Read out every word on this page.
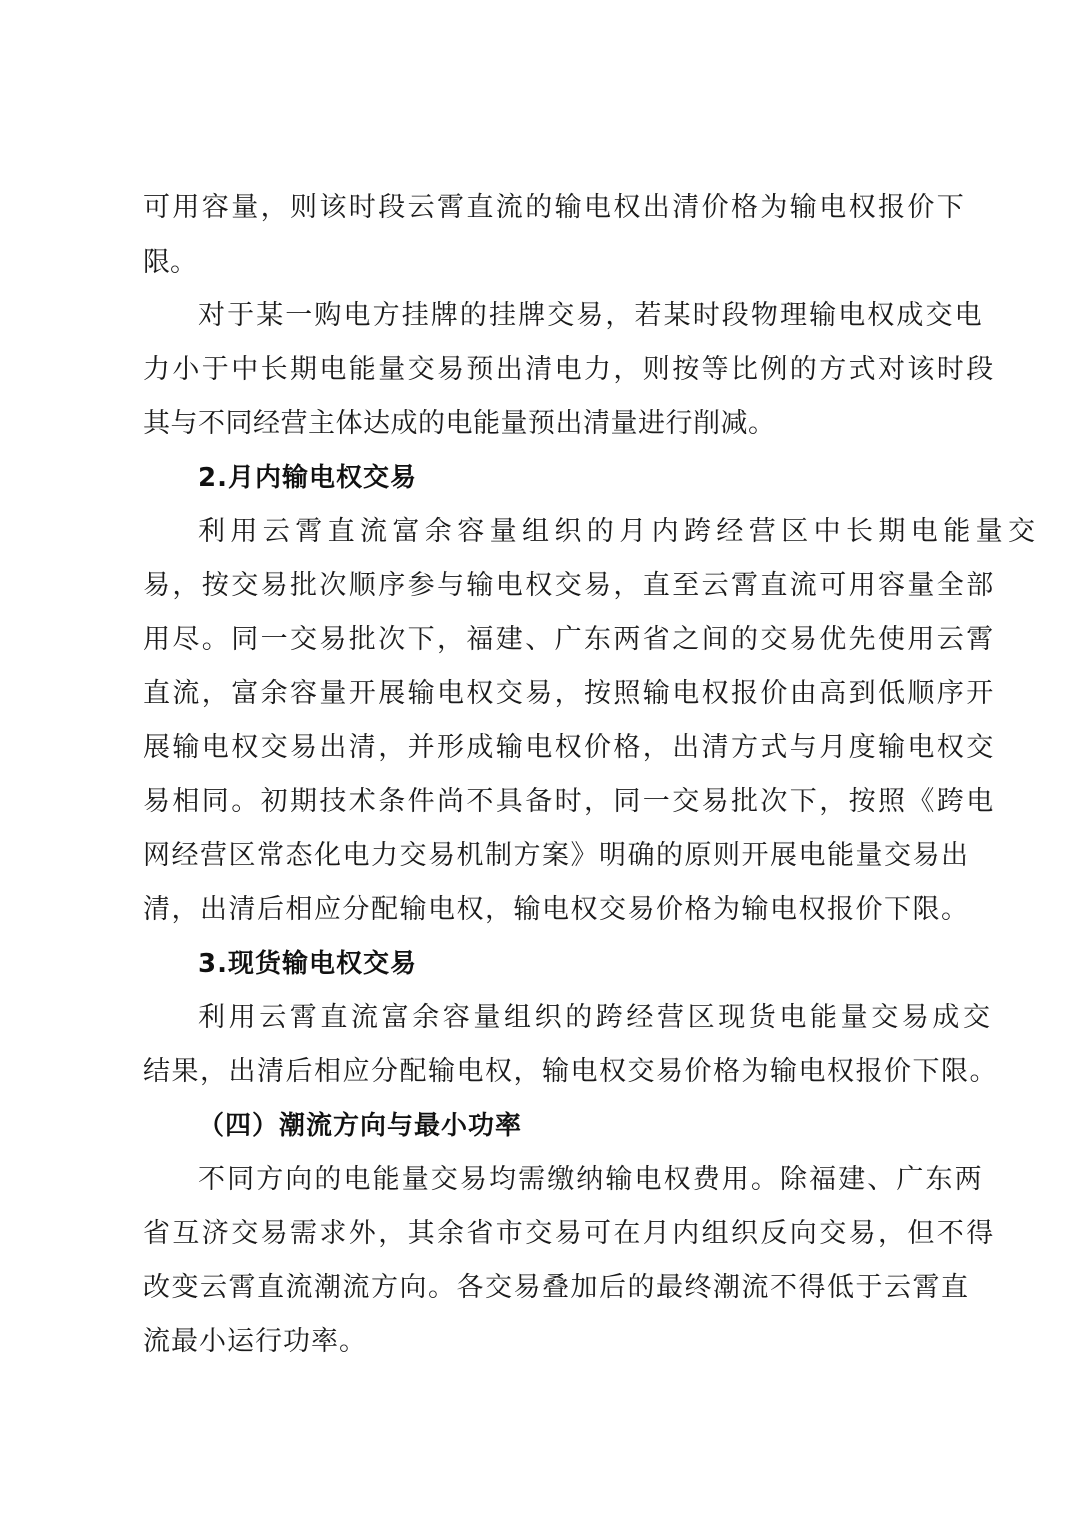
可用容量，则该时段云霄直流的输电权出清价格为输电权报价下

限。

对于某一购电方挂牌的挂牌交易，若某时段物理输电权成交电

力小于中长期电能量交易预出清电力，则按等比例的方式对该时段

其与不同经营主体达成的电能量预出清量进行削减。

2.月内输电权交易

利用云霄直流富余容量组织的月内跨经营区中长期电能量交

易，按交易批次顺序参与输电权交易，直至云霄直流可用容量全部

用尽。同一交易批次下，福建、广东两省之间的交易优先使用云霄

直流，富余容量开展输电权交易，按照输电权报价由高到低顺序开

展输电权交易出清，并形成输电权价格，出清方式与月度输电权交

易相同。初期技术条件尚不具备时，同一交易批次下，按照《跨电

网经营区常态化电力交易机制方案》明确的原则开展电能量交易出

清，出清后相应分配输电权，输电权交易价格为输电权报价下限。

3.现货输电权交易

利用云霄直流富余容量组织的跨经营区现货电能量交易成交

结果，出清后相应分配输电权，输电权交易价格为输电权报价下限。

（四）潮流方向与最小功率

不同方向的电能量交易均需缴纳输电权费用。除福建、广东两

省互济交易需求外，其余省市交易可在月内组织反向交易，但不得

改变云霄直流潮流方向。各交易叠加后的最终潮流不得低于云霄直

流最小运行功率。
